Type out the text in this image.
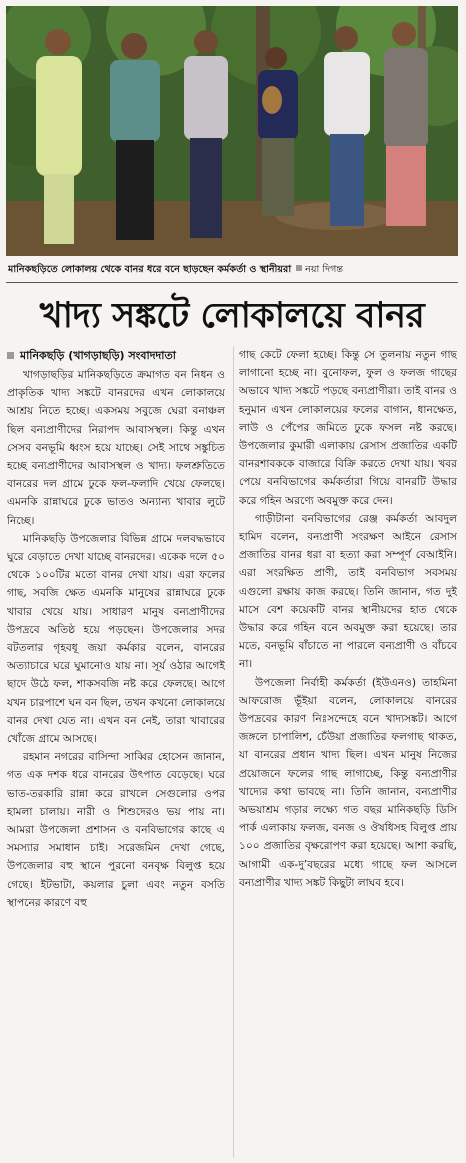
মানিকছড়িতে লোকালয় থেকে বানর ধরে বনে ছাড়ছেন কর্মকর্তা ও স্থানীয়রা নয়া দিগন্ত
খাদ্য সঙ্কটে লোকালয়ে বানর
মানিকছড়ি (খাগড়াছড়ি) সংবাদদাতা

খাগড়াছড়ির মানিকছড়িতে ক্রমাগত বন নিধন ও প্রাকৃতিক খাদ্য সঙ্কটে বানরদের এখন লোকালয়ে আশ্রয় নিতে হচ্ছে। একসময় সবুজে ঘেরা বনাঞ্চল ছিল বন্যপ্রাণীদের নিরাপদ আবাসস্থল। কিন্তু এখন সেসব বনভূমি ধ্বংস হয়ে যাচ্ছে। সেই সাথে সঙ্কুচিত হচ্ছে বন্যপ্রাণীদের আবাসস্থল ও খাদ্য। ফলশ্রুতিতে বানরের দল গ্রামে ঢুকে ফল-ফলাদি খেয়ে ফেলছে। এমনকি রান্নাঘরে ঢুকে ভাতও অন্যান্য খাবার লুটে নিচ্ছে।

মানিকছড়ি উপজেলার বিভিন্ন গ্রামে দলবদ্ধভাবে ঘুরে বেড়াতে দেখা যাচ্ছে বানরদের। একেক দলে ৫০ থেকে ১০০টির মতো বানর দেখা যায়। এরা ফলের গাছ, সবজি ক্ষেত এমনকি মানুষের রান্নাঘরে ঢুকে খাবার খেয়ে যায়। সাধারণ মানুষ বন্যপ্রাণীদের উপদ্রবে অতিষ্ঠ হয়ে পড়ছেন। উপজেলার সদর বটতলার গৃহবধূ জয়া কর্মকার বলেন, বানরের অত্যাচারে ঘরে ঘুমানোও যায় না। সূর্য ওঠার আগেই ছাদে উঠে ফল, শাকসবজি নষ্ট করে ফেলছে। আগে যখন চারপাশে ঘন বন ছিল, তখন কখনো লোকালয়ে বানর দেখা যেত না। এখন বন নেই, তারা খাবারের খোঁজে গ্রামে আসছে।

রহমান নগরের বাসিন্দা সাব্বির হোসেন জানান, গত এক দশক ধরে বানরের উৎপাত বেড়েছে। ঘরে ভাত-তরকারি রান্না করে রাখলে সেগুলোর ওপর হামলা চালায়। নারী ও শিশুদেরও ভয় পায় না। আমরা উপজেলা প্রশাসন ও বনবিভাগের কাছে এ সমস্যার সমাধান চাই। সরেজমিন দেখা গেছে, উপজেলার বহু স্থানে পুরনো বনবৃক্ষ বিলুপ্ত হয়ে গেছে। ইটভাটা, কয়লার চুলা এবং নতুন বসতি স্থাপনের কারণে বহু

গাছ কেটে ফেলা হচ্ছে। কিন্তু সে তুলনায় নতুন গাছ লাগানো হচ্ছে না। বুনোফল, ফুল ও ফলজ গাছের অভাবে খাদ্য সঙ্কটে পড়ছে বন্যপ্রাণীরা। তাই বানর ও হনুমান এখন লোকালয়ের ফলের বাগান, ধানক্ষেত, লাউ ও পেঁপের জমিতে ঢুকে ফসল নষ্ট করছে। উপজেলার কুমারী এলাকায় রেসাস প্রজাতির একটি বানরশাবককে বাজারে বিক্রি করতে দেখা যায়। খবর পেয়ে বনবিভাগের কর্মকর্তারা গিয়ে বানরটি উদ্ধার করে গহিন অরণ্যে অবমুক্ত করে দেন।

গাড়ীটানা বনবিভাগের রেঞ্জ কর্মকর্তা আবদুল হামিদ বলেন, বন্যপ্রাণী সংরক্ষণ আইনে রেসাস প্রজাতির বানর ধরা বা হত্যা করা সম্পূর্ণ বেআইনি। এরা সংরক্ষিত প্রাণী, তাই বনবিভাগ সবসময় এগুলো রক্ষায় কাজ করছে। তিনি জানান, গত দুই মাসে বেশ কয়েকটি বানর স্থানীয়দের হাত থেকে উদ্ধার করে গহিন বনে অবমুক্ত করা হয়েছে। তার মতে, বনভূমি বাঁচাতে না পারলে বন্যপ্রাণী ও বাঁচবে না।

উপজেলা নির্বাহী কর্মকর্তা (ইউএনও) তাহমিনা আফরোজ ভূঁইয়া বলেন, লোকালয়ে বানরের উপদ্রবের কারণ নিঃসন্দেহে বনে খাদ্যসঙ্কট। আগে জঙ্গলে চাপালিশ, চেঁউয়া প্রজাতির ফলগাছ থাকত, যা বানরের প্রধান খাদ্য ছিল। এখন মানুষ নিজের প্রয়োজনে ফলের গাছ লাগাচ্ছে, কিন্তু বন্যপ্রাণীর খাদ্যের কথা ভাবছে না। তিনি জানান, বন্যপ্রাণীর অভয়াশ্রম গড়ার লক্ষ্যে গত বছর মানিকছড়ি ডিসি পার্ক এলাকায় ফলজ, বনজ ও ঔষধিসহ বিলুপ্ত প্রায় ১০০ প্রজাতির বৃক্ষরোপণ করা হয়েছে। আশা করছি, আগামী এক-দু’বছরের মধ্যে গাছে ফল আসলে বন্যপ্রাণীর খাদ্য সঙ্কট কিছুটা লাঘব হবে।
